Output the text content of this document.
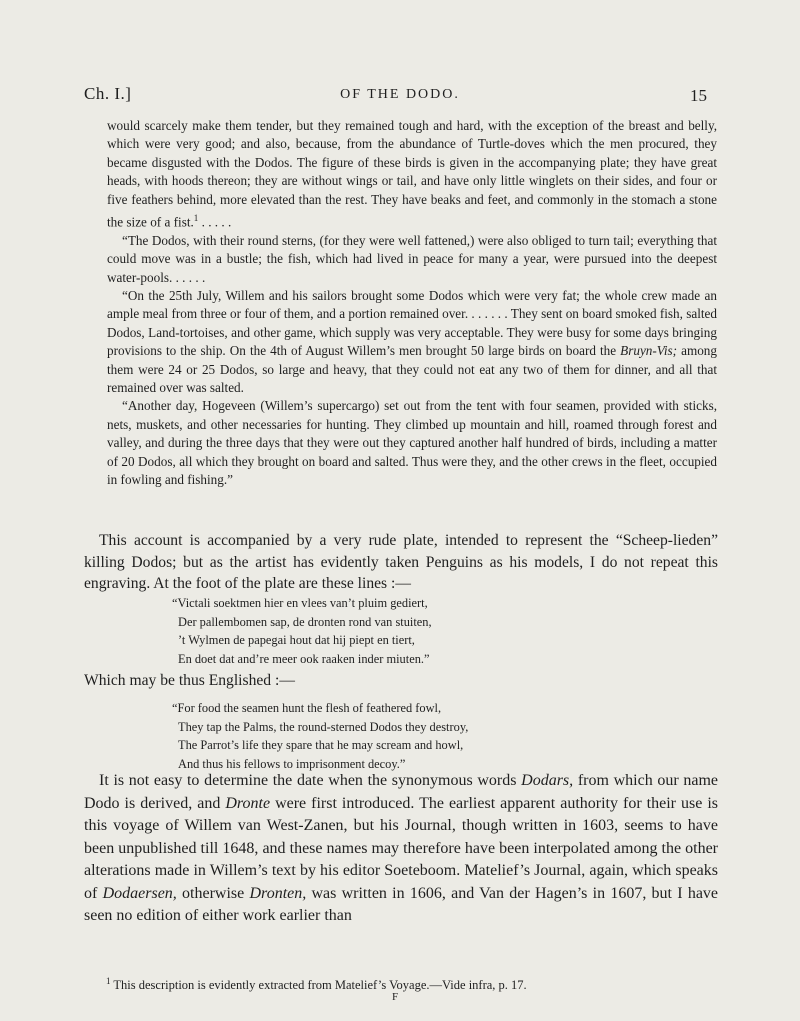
Ch. I.]	OF THE DODO.	15

would scarcely make them tender, but they remained tough and hard, with the exception of the breast and belly, which were very good; and also, because, from the abundance of Turtle-doves which the men procured, they became disgusted with the Dodos. The figure of these birds is given in the accompanying plate; they have great heads, with hoods thereon; they are without wings or tail, and have only little winglets on their sides, and four or five feathers behind, more elevated than the rest. They have beaks and feet, and commonly in the stomach a stone the size of a fist.$^1$ . . . . .

“The Dodos, with their round sterns, (for they were well fattened,) were also obliged to turn tail; everything that could move was in a bustle; the fish, which had lived in peace for many a year, were pursued into the deepest water-pools. . . . . .

“On the 25th July, Willem and his sailors brought some Dodos which were very fat; the whole crew made an ample meal from three or four of them, and a portion remained over. . . . . . . They sent on board smoked fish, salted Dodos, Land-tortoises, and other game, which supply was very acceptable. They were busy for some days bringing provisions to the ship. On the 4th of August Willem’s men brought 50 large birds on board the Bruyn-Vis; among them were 24 or 25 Dodos, so large and heavy, that they could not eat any two of them for dinner, and all that remained over was salted.

“Another day, Hogeveen (Willem’s supercargo) set out from the tent with four seamen, provided with sticks, nets, muskets, and other necessaries for hunting. They climbed up mountain and hill, roamed through forest and valley, and during the three days that they were out they captured another half hundred of birds, including a matter of 20 Dodos, all which they brought on board and salted. Thus were they, and the other crews in the fleet, occupied in fowling and fishing.”

This account is accompanied by a very rude plate, intended to represent the “Scheep-lieden” killing Dodos; but as the artist has evidently taken Penguins as his models, I do not repeat this engraving. At the foot of the plate are these lines :—
“Victali soektmen hier en vlees van’t pluim gediert,
Der pallembomen sap, de dronten rond van stuiten,
’t Wylmen de papegai hout dat hij piept en tiert,
En doet dat and’re meer ook raaken inder miuten.”
Which may be thus Englished :—
“For food the seamen hunt the flesh of feathered fowl,
They tap the Palms, the round-sterned Dodos they destroy,
The Parrot’s life they spare that he may scream and howl,
And thus his fellows to imprisonment decoy.”
It is not easy to determine the date when the synonymous words Dodars, from which our name Dodo is derived, and Dronte were first introduced. The earliest apparent authority for their use is this voyage of Willem van West-Zanen, but his Journal, though written in 1603, seems to have been unpublished till 1648, and these names may therefore have been interpolated among the other alterations made in Willem’s text by his editor Soeteboom. Matelief’s Journal, again, which speaks of Dodaersen, otherwise Dronten, was written in 1606, and Van der Hagen’s in 1607, but I have seen no edition of either work earlier than
$^1$ This description is evidently extracted from Matelief’s Voyage.—Vide infra, p. 17.
F
